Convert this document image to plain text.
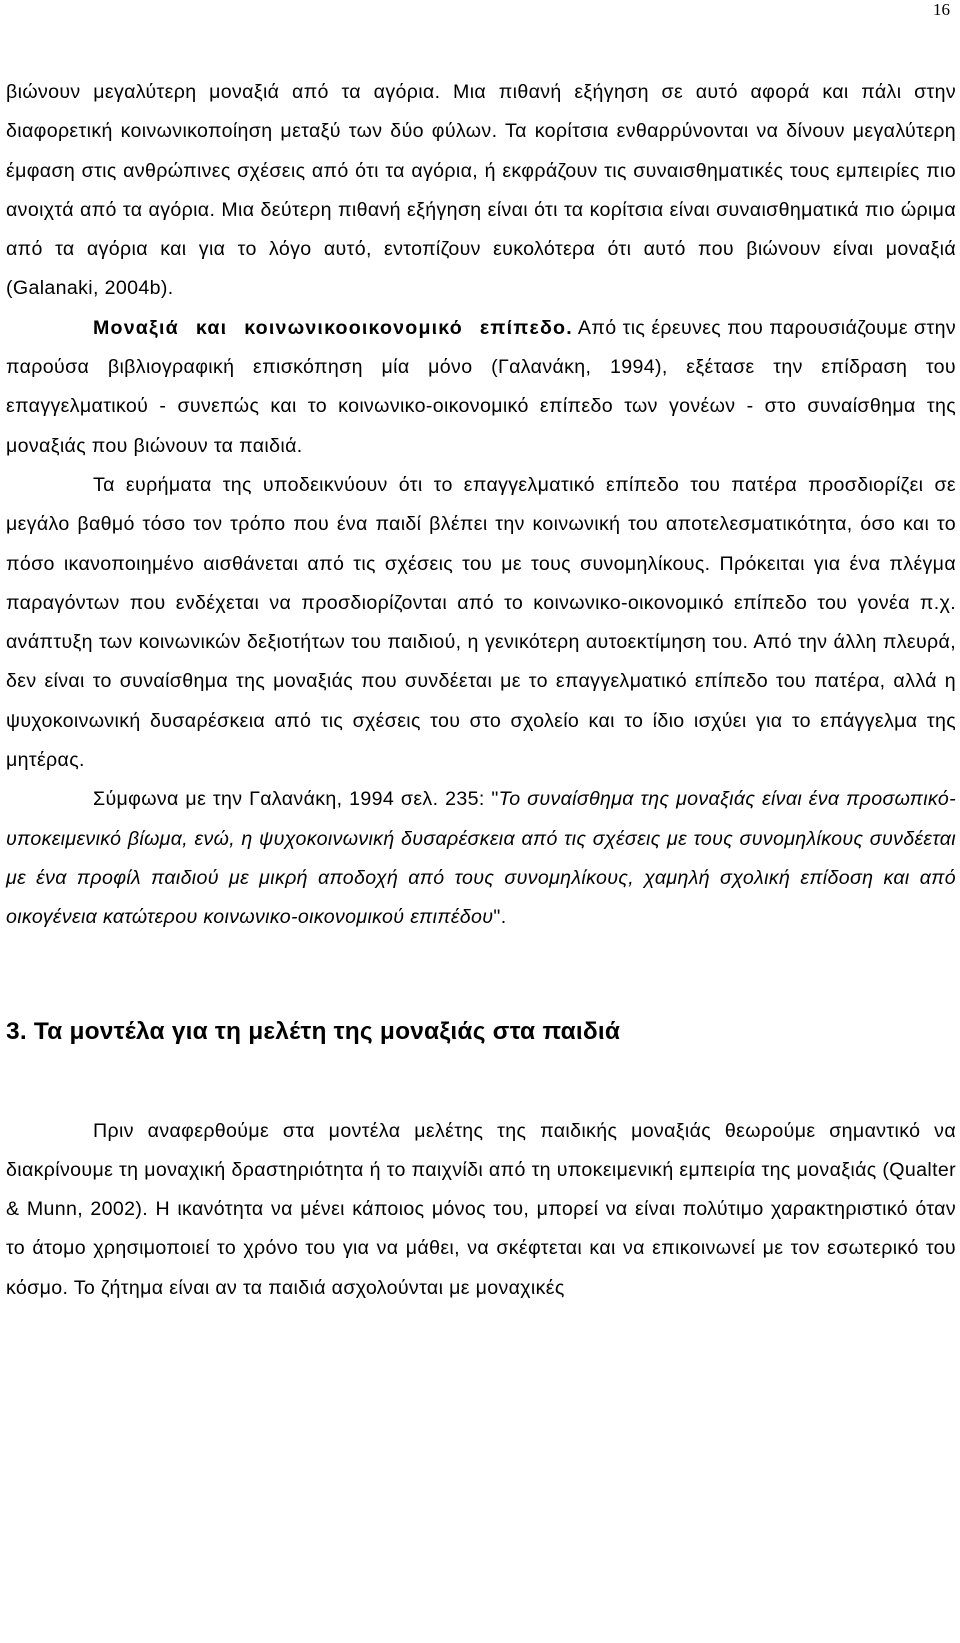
16

βιώνουν μεγαλύτερη μοναξιά από τα αγόρια. Μια πιθανή εξήγηση σε αυτό αφορά και πάλι στην διαφορετική κοινωνικοποίηση μεταξύ των δύο φύλων. Τα κορίτσια ενθαρρύνονται να δίνουν μεγαλύτερη έμφαση στις ανθρώπινες σχέσεις από ότι τα αγόρια, ή εκφράζουν τις συναισθηματικές τους εμπειρίες πιο ανοιχτά από τα αγόρια. Μια δεύτερη πιθανή εξήγηση είναι ότι τα κορίτσια είναι συναισθηματικά πιο ώριμα από τα αγόρια και για το λόγο αυτό, εντοπίζουν ευκολότερα ότι αυτό που βιώνουν είναι μοναξιά (Galanaki, 2004b).

Μοναξιά και κοινωνικοοικονομικό επίπεδο. Από τις έρευνες που παρουσιάζουμε στην παρούσα βιβλιογραφική επισκόπηση μία μόνο (Γαλανάκη, 1994), εξέτασε την επίδραση του επαγγελματικού - συνεπώς και το κοινωνικο-οικονομικό επίπεδο των γονέων - στο συναίσθημα της μοναξιάς που βιώνουν τα παιδιά.

Τα ευρήματα της υποδεικνύουν ότι το επαγγελματικό επίπεδο του πατέρα προσδιορίζει σε μεγάλο βαθμό τόσο τον τρόπο που ένα παιδί βλέπει την κοινωνική του αποτελεσματικότητα, όσο και το πόσο ικανοποιημένο αισθάνεται από τις σχέσεις του με τους συνομηλίκους. Πρόκειται για ένα πλέγμα παραγόντων που ενδέχεται να προσδιορίζονται από το κοινωνικο-οικονομικό επίπεδο του γονέα π.χ. ανάπτυξη των κοινωνικών δεξιοτήτων του παιδιού, η γενικότερη αυτοεκτίμηση του. Από την άλλη πλευρά, δεν είναι το συναίσθημα της μοναξιάς που συνδέεται με το επαγγελματικό επίπεδο του πατέρα, αλλά η ψυχοκοινωνική δυσαρέσκεια από τις σχέσεις του στο σχολείο και το ίδιο ισχύει για το επάγγελμα της μητέρας.

Σύμφωνα με την Γαλανάκη, 1994 σελ. 235: "Το συναίσθημα της μοναξιάς είναι ένα προσωπικό-υποκειμενικό βίωμα, ενώ, η ψυχοκοινωνική δυσαρέσκεια από τις σχέσεις με τους συνομηλίκους συνδέεται με ένα προφίλ παιδιού με μικρή αποδοχή από τους συνομηλίκους, χαμηλή σχολική επίδοση και από οικογένεια κατώτερου κοινωνικο-οικονομικού επιπέδου".

3. Τα μοντέλα για τη μελέτη της μοναξιάς στα παιδιά

Πριν αναφερθούμε στα μοντέλα μελέτης της παιδικής μοναξιάς θεωρούμε σημαντικό να διακρίνουμε τη μοναχική δραστηριότητα ή το παιχνίδι από τη υποκειμενική εμπειρία της μοναξιάς (Qualter & Munn, 2002). Η ικανότητα να μένει κάποιος μόνος του, μπορεί να είναι πολύτιμο χαρακτηριστικό όταν το άτομο χρησιμοποιεί το χρόνο του για να μάθει, να σκέφτεται και να επικοινωνεί με τον εσωτερικό του κόσμο. Το ζήτημα είναι αν τα παιδιά ασχολούνται με μοναχικές
